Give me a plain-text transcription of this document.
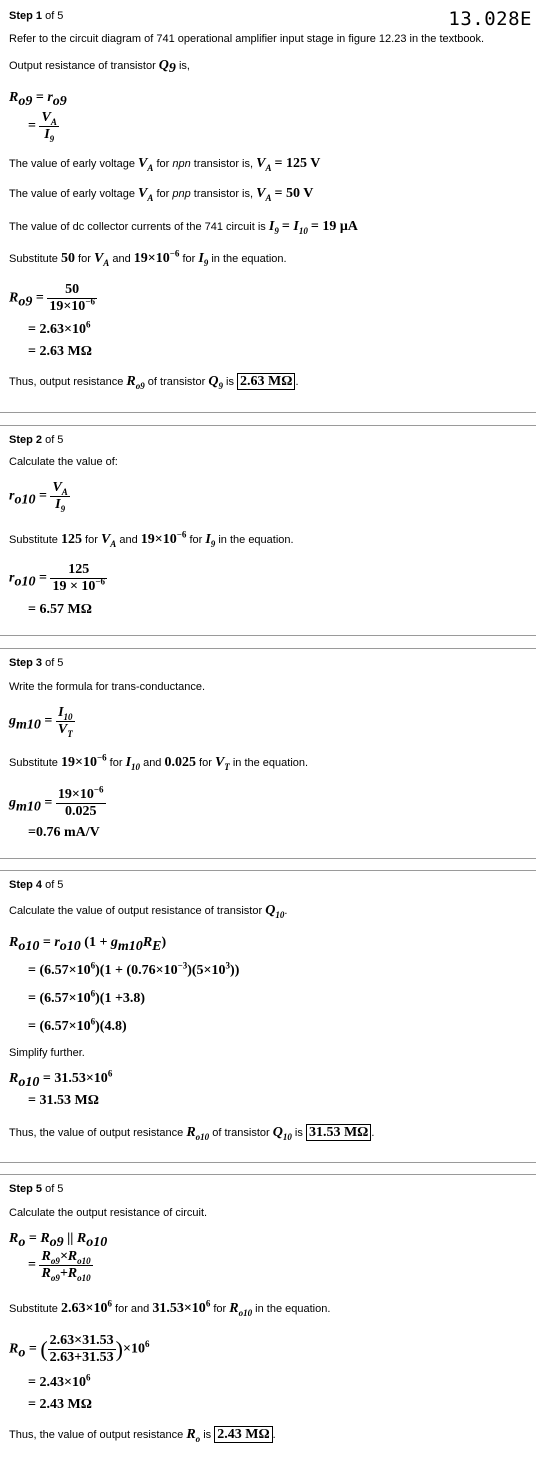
Step 1 of 5	13.028E
Refer to the circuit diagram of 741 operational amplifier input stage in figure 12.23 in the textbook.
Output resistance of transistor $Q_9$ is,
$R_{o9} = r_{o9}$
= $\frac{V_A}{I_9}$
The value of early voltage $V_A$ for npn transistor is, $V_A = 125$ V
The value of early voltage $V_A$ for pnp transistor is, $V_A = 50$ V
The value of dc collector currents of the 741 circuit is $I_9 = I_{10} = 19$ μA
Substitute 50 for $V_A$ and $19\times 10^{-6}$ for $I_9$ in the equation.
$R_{o9} = \frac{50}{19\times 10^{-6}}$
= $2.63\times 10^6$
= 2.63 MΩ
Thus, output resistance $R_{o9}$ of transistor $Q_9$ is 2.63 MΩ .
Step 2 of 5
Calculate the value of:
$r_{o10} = \frac{V_A}{I_9}$
Substitute 125 for $V_A$ and $19\times 10^{-6}$ for $I_9$ in the equation.
$r_{o10} = \frac{125}{19 \times 10^{-6}}$
= 6.57 MΩ
Step 3 of 5
Write the formula for trans-conductance.
$g_{m10} = \frac{I_{10}}{V_T}$
Substitute $19\times 10^{-6}$ for $I_{10}$ and 0.025 for $V_T$ in the equation.
$g_{m10} = \frac{19\times 10^{-6}}{0.025}$
=0.76 mA/V
Step 4 of 5
Calculate the value of output resistance of transistor $Q_{10}$.
$R_{o10} = r_{o10}$ $(1 + g_{m10}R_E)$
= $(6.57\times 10^6)(1 + (0.76\times 10^{-3})(5\times 10^3))$
= $(6.57\times 10^6)(1 +3.8)$
= $(6.57\times 10^6)(4.8)$
Simplify further.
$R_{o10} = 31.53\times 10^6$
= 31.53 MΩ
Thus, the value of output resistance $R_{o10}$ of transistor $Q_{10}$ is 31.53 MΩ .
Step 5 of 5
Calculate the output resistance of circuit.
$R_o = R_{o9}$ || $R_{o10}$
= $\frac{R_{o9}\times R_{o10}}{R_{o9}+R_{o10}}$
Substitute $2.63\times 10^6$ for and $31.53\times 10^6$ for $R_{o10}$ in the equation.
$R_o$ = ( $\frac{2.63\times 31.53}{2.63+31.53} )\times 10^6$
= $2.43\times 10^6$
= 2.43 MΩ
Thus, the value of output resistance $R_o$ is 2.43 MΩ .
